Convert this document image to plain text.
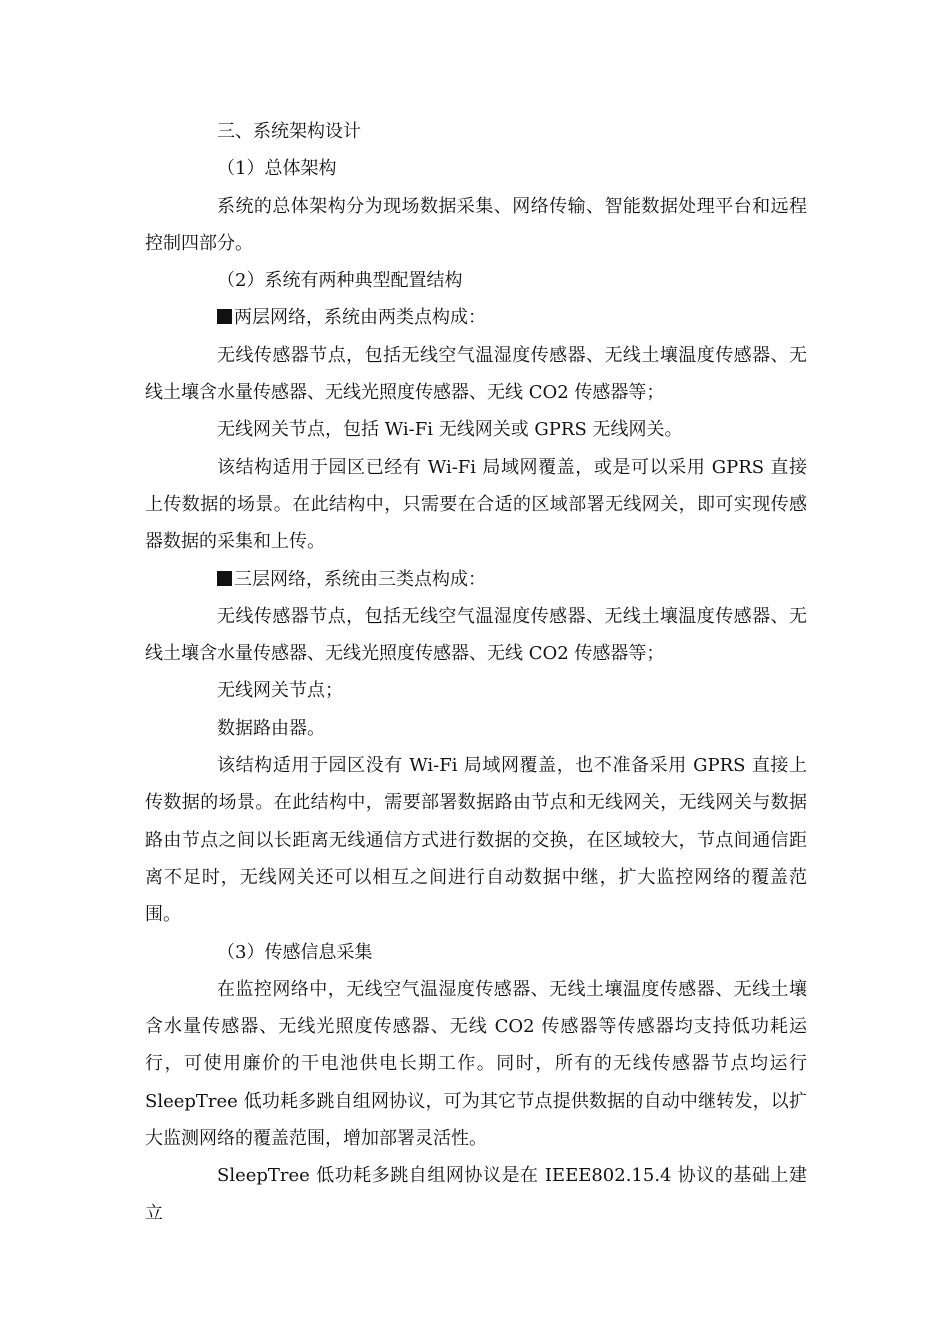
三、系统架构设计

（1）总体架构

系统的总体架构分为现场数据采集、网络传输、智能数据处理平台和远程控制四部分。

（2）系统有两种典型配置结构

两层网络，系统由两类点构成：

无线传感器节点，包括无线空气温湿度传感器、无线土壤温度传感器、无线土壤含水量传感器、无线光照度传感器、无线 CO2 传感器等；

无线网关节点，包括 Wi-Fi 无线网关或 GPRS 无线网关。

该结构适用于园区已经有 Wi-Fi 局域网覆盖，或是可以采用 GPRS 直接上传数据的场景。在此结构中，只需要在合适的区域部署无线网关，即可实现传感器数据的采集和上传。

三层网络，系统由三类点构成：

无线传感器节点，包括无线空气温湿度传感器、无线土壤温度传感器、无线土壤含水量传感器、无线光照度传感器、无线 CO2 传感器等；

无线网关节点；

数据路由器。

该结构适用于园区没有 Wi-Fi 局域网覆盖，也不准备采用 GPRS 直接上传数据的场景。在此结构中，需要部署数据路由节点和无线网关，无线网关与数据路由节点之间以长距离无线通信方式进行数据的交换，在区域较大，节点间通信距离不足时，无线网关还可以相互之间进行自动数据中继，扩大监控网络的覆盖范围。

（3）传感信息采集

在监控网络中，无线空气温湿度传感器、无线土壤温度传感器、无线土壤含水量传感器、无线光照度传感器、无线 CO2 传感器等传感器均支持低功耗运行，可使用廉价的干电池供电长期工作。同时，所有的无线传感器节点均运行 SleepTree 低功耗多跳自组网协议，可为其它节点提供数据的自动中继转发，以扩大监测网络的覆盖范围，增加部署灵活性。

SleepTree 低功耗多跳自组网协议是在 IEEE802.15.4 协议的基础上建立
